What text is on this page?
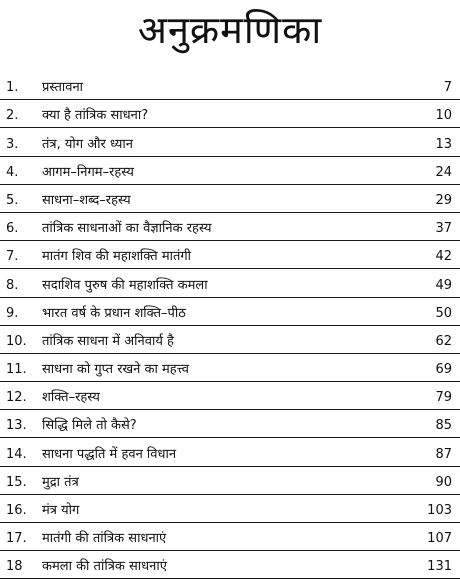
अनुक्रमणिका
1.	प्रस्तावना	7
2.	क्या है तांत्रिक साधना?	10
3.	तंत्र, योग और ध्यान	13
4.	आगम–निगम–रहस्य	24
5.	साधना–शब्द–रहस्य	29
6.	तांत्रिक साधनाओं का वैज्ञानिक रहस्य	37
7.	मातंग शिव की महाशक्ति मातंगी	42
8.	सदाशिव पुरुष की महाशक्ति कमला	49
9.	भारत वर्ष के प्रधान शक्ति–पीठ	50
10.	तांत्रिक साधना में अनिवार्य है	62
11.	साधना को गुप्त रखने का महत्त्व	69
12.	शक्ति–रहस्य	79
13.	सिद्धि मिले तो कैसे?	85
14.	साधना पद्धति में हवन विधान	87
15.	मुद्रा तंत्र	90
16.	मंत्र योग	103
17.	मातंगी की तांत्रिक साधनाएं	107
18	कमला की तांत्रिक साधनाएं	131
